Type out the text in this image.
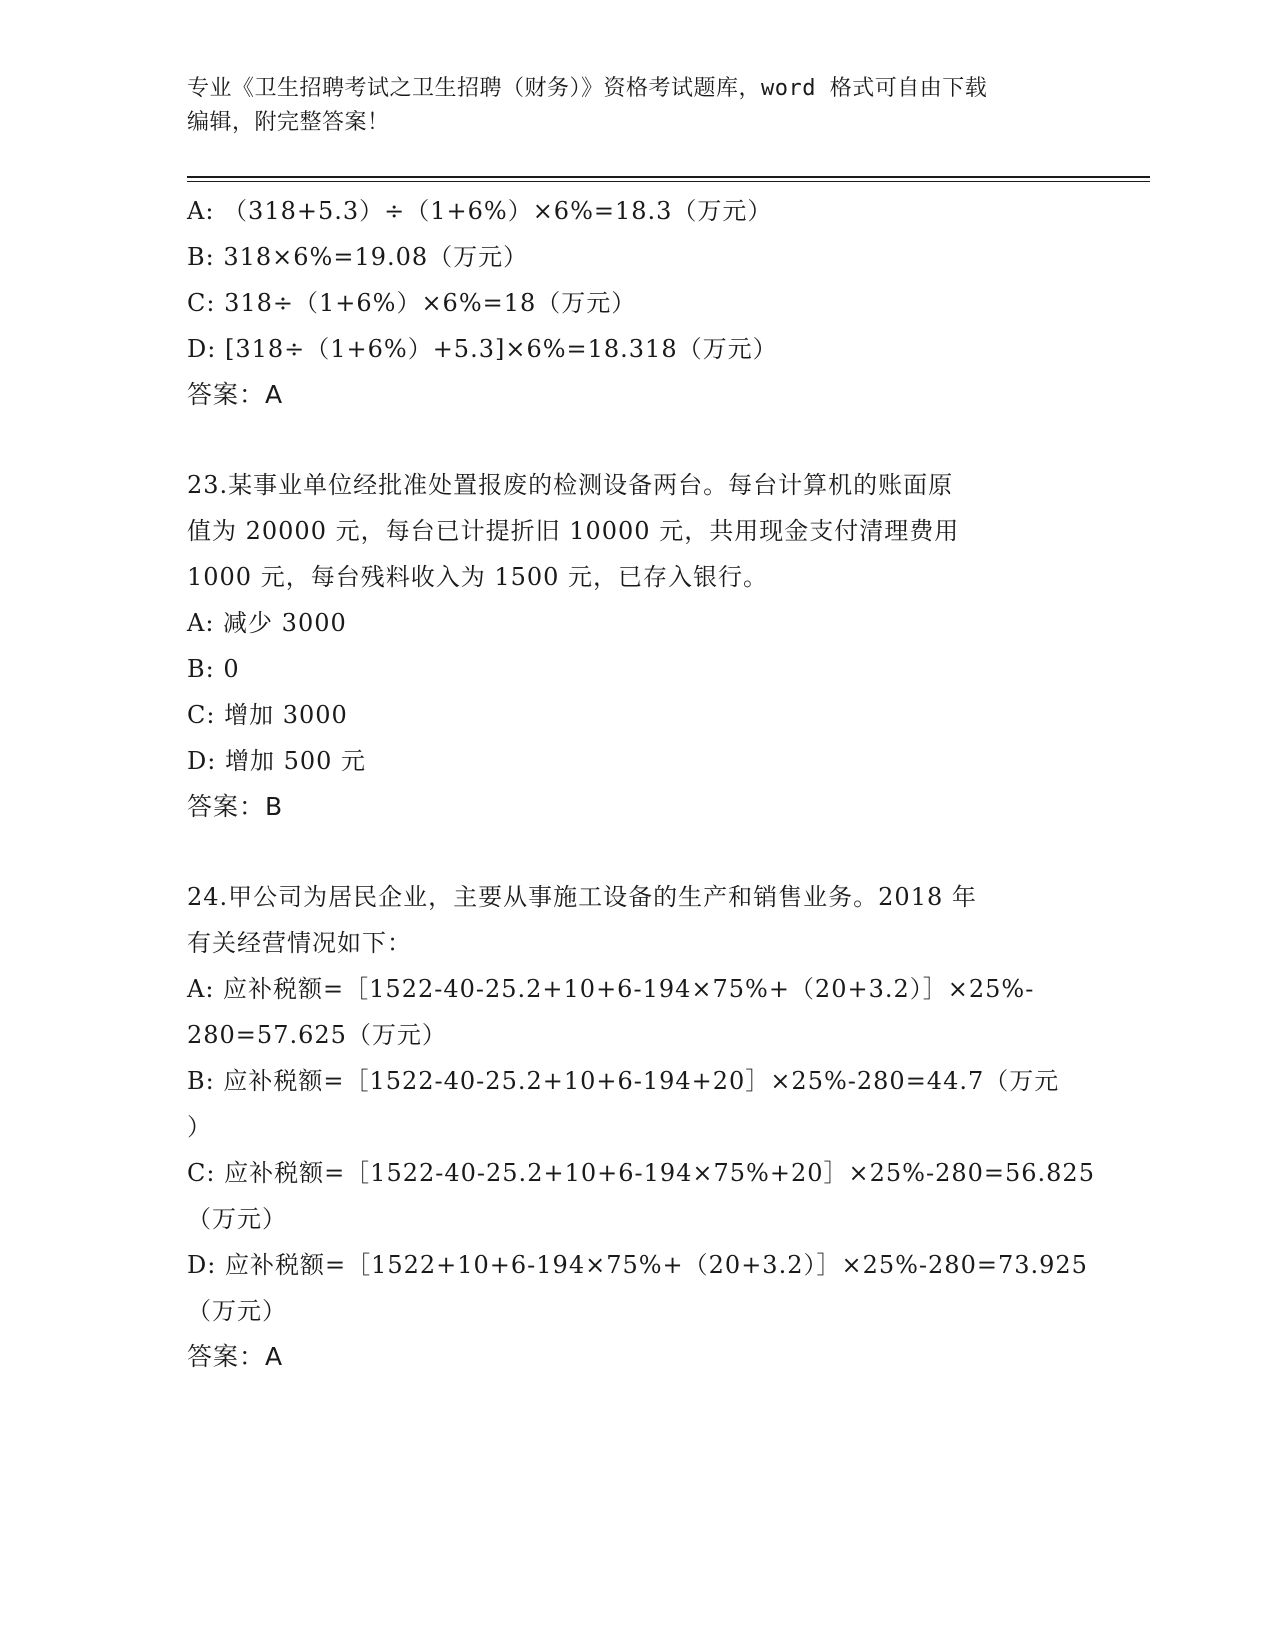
专业《卫生招聘考试之卫生招聘（财务）》资格考试题库，word 格式可自由下载
编辑，附完整答案！
A: （318+5.3）÷（1+6%）×6%=18.3（万元）
B: 318×6%=19.08（万元）
C: 318÷（1+6%）×6%=18（万元）
D: [318÷（1+6%）+5.3]×6%=18.318（万元）
答案：A
23.某事业单位经批准处置报废的检测设备两台。每台计算机的账面原
值为 20000 元，每台已计提折旧 10000 元，共用现金支付清理费用
1000 元，每台残料收入为 1500 元，已存入银行。
A: 减少 3000
B: 0
C: 增加 3000
D: 增加 500 元
答案：B
24.甲公司为居民企业，主要从事施工设备的生产和销售业务。2018 年
有关经营情况如下：
A: 应补税额=［1522-40-25.2+10+6-194×75%+（20+3.2）］×25%-
280=57.625（万元）
B: 应补税额=［1522-40-25.2+10+6-194+20］×25%-280=44.7（万元
）
C: 应补税额=［1522-40-25.2+10+6-194×75%+20］×25%-280=56.825
（万元）
D: 应补税额=［1522+10+6-194×75%+（20+3.2）］×25%-280=73.925
（万元）
答案：A
